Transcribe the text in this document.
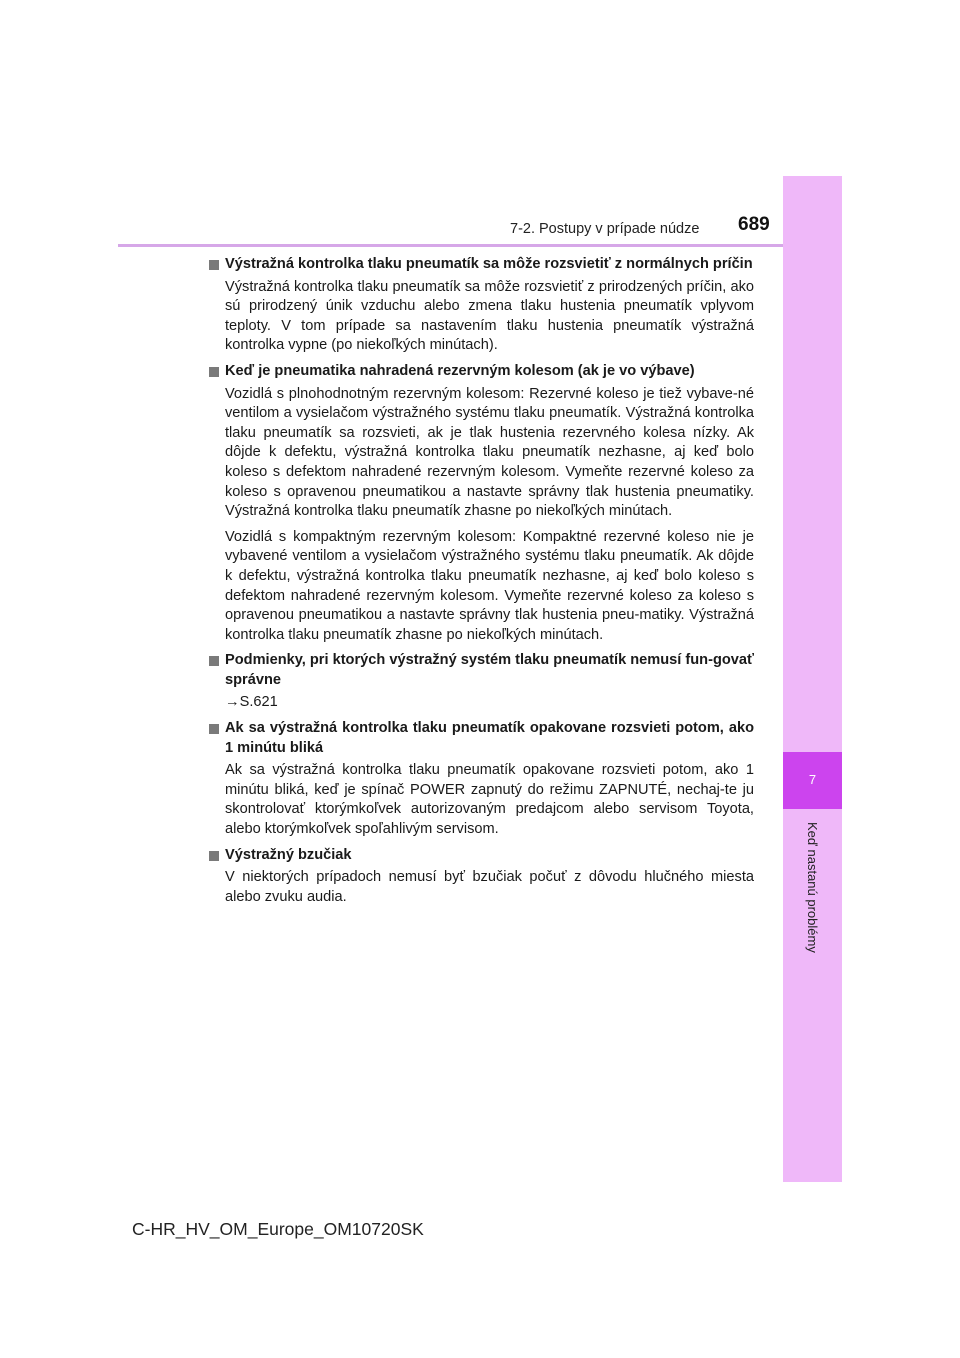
7
Keď nastanú problémy
7-2. Postupy v prípade núdze 689

Výstražná kontrolka tlaku pneumatík sa môže rozsvietiť z normálnych príčin

Výstražná kontrolka tlaku pneumatík sa môže rozsvietiť z prirodzených príčin, ako sú prirodzený únik vzduchu alebo zmena tlaku hustenia pneumatík vplyvom teploty. V tom prípade sa nastavením tlaku hustenia pneumatík výstražná kontrolka vypne (po niekoľkých minútach).

Keď je pneumatika nahradená rezervným kolesom (ak je vo výbave)

Vozidlá s plnohodnotným rezervným kolesom: Rezervné koleso je tiež vybave-né ventilom a vysielačom výstražného systému tlaku pneumatík. Výstražná kontrolka tlaku pneumatík sa rozsvieti, ak je tlak hustenia rezervného kolesa nízky. Ak dôjde k defektu, výstražná kontrolka tlaku pneumatík nezhasne, aj keď bolo koleso s defektom nahradené rezervným kolesom. Vymeňte rezervné koleso za koleso s opravenou pneumatikou a nastavte správny tlak hustenia pneumatiky. Výstražná kontrolka tlaku pneumatík zhasne po niekoľkých minútach.

Vozidlá s kompaktným rezervným kolesom: Kompaktné rezervné koleso nie je vybavené ventilom a vysielačom výstražného systému tlaku pneumatík. Ak dôjde k defektu, výstražná kontrolka tlaku pneumatík nezhasne, aj keď bolo koleso s defektom nahradené rezervným kolesom. Vymeňte rezervné koleso za koleso s opravenou pneumatikou a nastavte správny tlak hustenia pneu-matiky. Výstražná kontrolka tlaku pneumatík zhasne po niekoľkých minútach.

Podmienky, pri ktorých výstražný systém tlaku pneumatík nemusí fun-govať správne

→S.621

Ak sa výstražná kontrolka tlaku pneumatík opakovane rozsvieti potom, ako 1 minútu bliká

Ak sa výstražná kontrolka tlaku pneumatík opakovane rozsvieti potom, ako 1 minútu bliká, keď je spínač POWER zapnutý do režimu ZAPNUTÉ, nechaj-te ju skontrolovať ktorýmkoľvek autorizovaným predajcom alebo servisom Toyota, alebo ktorýmkoľvek spoľahlivým servisom.

Výstražný bzučiak

V niektorých prípadoch nemusí byť bzučiak počuť z dôvodu hlučného miesta alebo zvuku audia.

C-HR_HV_OM_Europe_OM10720SK
